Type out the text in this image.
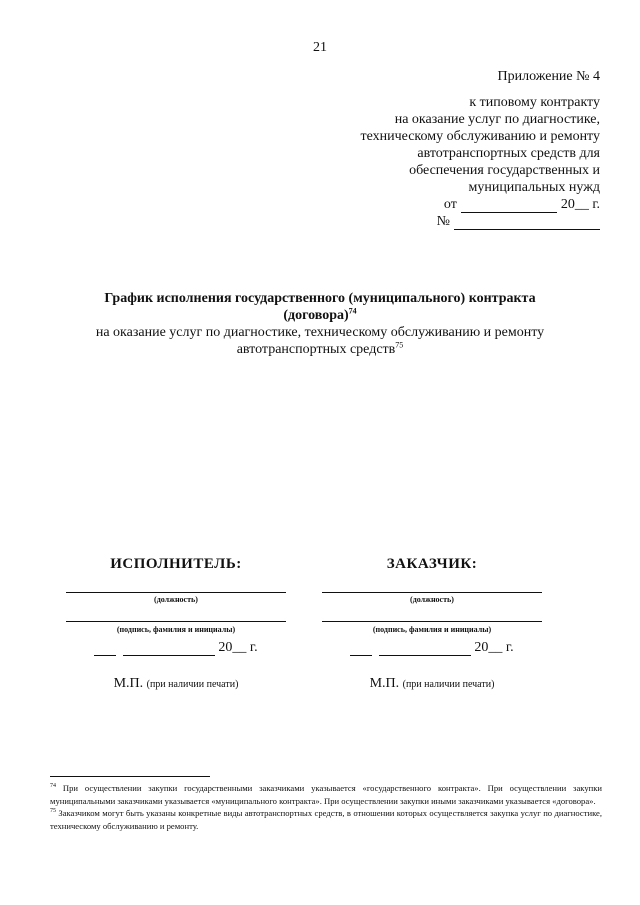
21
Приложение № 4
к типовому контракту
на оказание услуг по диагностике,
техническому обслуживанию и ремонту
автотранспортных средств для
обеспечения государственных и
муниципальных нужд
от	20__ г.
№
График исполнения государственного (муниципального) контракта
(договора)$^{74}$
на оказание услуг по диагностике, техническому обслуживанию и ремонту
автотранспортных средств$^{75}$
ИСПОЛНИТЕЛЬ:
(должность)
(подпись, фамилия и инициалы)
20__ г.
М.П. (при наличии печати)
ЗАКАЗЧИК:
(должность)
(подпись, фамилия и инициалы)
20__ г.
М.П. (при наличии печати)

$^{74}$ При осуществлении закупки государственными заказчиками указывается «государственного контракта». При осуществлении закупки муниципальными заказчиками указывается «муниципального контракта». При осуществлении закупки иными заказчиками указывается «договора».

$^{75}$ Заказчиком могут быть указаны конкретные виды автотранспортных средств, в отношении которых осуществляется закупка услуг по диагностике, техническому обслуживанию и ремонту.
